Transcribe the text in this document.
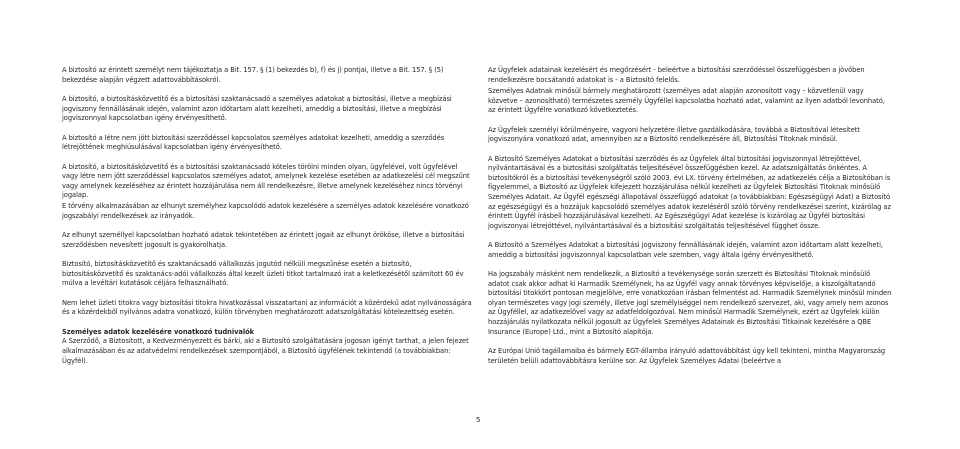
A biztosító az érintett személyt nem tájékoztatja a Bit. 157. § (1) bekezdés b), f) és j) pontjai, illetve a Bit. 157. § (5) bekezdése alapján végzett adattovábbításokról.

A biztosító, a biztosításközvetítő és a biztosítási szaktanácsadó a személyes adatokat a biztosítási, illetve a megbízási jogviszony fennállásának idején, valamint azon időtartam alatt kezelheti, ameddig a biztosítási, illetve a megbízási jogviszonnyal kapcsolatban igény érvényesíthető.

A biztosító a létre nem jött biztosítási szerződéssel kapcsolatos személyes adatokat kezelheti, ameddig a szerződés létrejöttének meghiúsulásával kapcsolatban igény érvényesíthető.

A biztosító, a biztosításközvetítő és a biztosítási szaktanácsadó köteles törölni minden olyan, ügyfelével, volt ügyfelével vagy létre nem jött szerződéssel kapcsolatos személyes adatot, amelynek kezelése esetében az adatkezelési cél megszűnt vagy amelynek kezeléséhez az érintett hozzájárulása nem áll rendelkezésre, illetve amelynek kezeléséhez nincs törvényi jogalap.

E törvény alkalmazásában az elhunyt személyhez kapcsolódó adatok kezelésére a személyes adatok kezelésére vonatkozó jogszabályi rendelkezések az irányadók.

Az elhunyt személlyel kapcsolatban hozható adatok tekintetében az érintett jogait az elhunyt örököse, illetve a biztosítási szerződésben nevesített jogosult is gyakorolhatja.

Biztosító, biztosításközvetítő és szaktanácsadó vállalkozás jogutód nélküli megszűnése esetén a biztosító, biztosításközvetítő és szaktanács-adói vállalkozás által kezelt üzleti titkot tartalmazó irat a keletkezésétől számított 60 év múlva a levéltári kutatások céljára felhasználható.

Nem lehet üzleti titokra vagy biztosítási titokra hivatkozással visszatartani az információt a közérdekű adat nyilvánosságára és a közérdekből nyilvános adatra vonatkozó, külön törvényben meghatározott adatszolgáltatási kötelezettség esetén.

Személyes adatok kezelésére vonatkozó tudnivalók

A Szerződő, a Biztosított, a Kedvezményezett és bárki, aki a Biztosító szolgáltatására jogosan igényt tarthat, a jelen fejezet alkalmazásában és az adatvédelmi rendelkezések szempontjából, a Biztosító ügyfélének tekintendő (a továbbiakban: Ügyfél).

Az Ügyfelek adatainak kezelésért és megőrzésért - beleértve a biztosítási szerződéssel összefüggésben a jövőben rendelkezésre bocsátandó adatokat is - a Biztosító felelős.

Személyes Adatnak minősül bármely meghatározott (személyes adat alapján azonosított vagy – közvetlenül vagy közvetve – azonosítható) természetes személy Ügyféllel kapcsolatba hozható adat, valamint az ilyen adatból levonható, az érintett Ügyfélre vonatkozó következtetés.

Az Ügyfelek személyi körülményeire, vagyoni helyzetére illetve gazdálkodására, továbbá a Biztosítóval létesített jogviszonyára vonatkozó adat, amennyiben az a Biztosító rendelkezésére áll, Biztosítási Titoknak minősül.

A Biztosító Személyes Adatokat a biztosítási szerződés és az Ügyfelek által biztosítási jogviszonnyal létrejöttével, nyilvántartásával és a biztosítási szolgáltatás teljesítésével összefüggésben kezel. Az adatszolgáltatás önkéntes. A biztosítókról és a biztosítási tevékenységről szóló 2003. évi LX. törvény értelmében, az adatkezelés célja a Biztosítóban is figyelemmel, a Biztosító az Ügyfelek kifejezett hozzájárulása nélkül kezelheti az Ügyfelek Biztosítási Titoknak minősülő Személyes Adatait. Az Ügyfél egészségi állapotával összefüggő adatokat (a továbbiakban: Egészségügyi Adat) a Biztosító az egészségügyi és a hozzájuk kapcsolódó személyes adatok kezeléséről szóló törvény rendelkezései szerint, kizárólag az érintett Ügyfél írásbeli hozzájárulásával kezelheti. Az Egészségügyi Adat kezelése is kizárólag az Ügyfél biztosítási jogviszonyai létrejöttével, nyilvántartásával és a biztosítási szolgáltatás teljesítésével függhet össze.

A Biztosító a Személyes Adatokat a biztosítási jogviszony fennállásának idején, valamint azon időtartam alatt kezelheti, ameddig a biztosítási jogviszonnyal kapcsolatban vele szemben, vagy általa igény érvényesíthető.

Ha jogszabály másként nem rendelkezik, a Biztosító a tevékenysége során szerzett és Biztosítási Titoknak minősülő adatot csak akkor adhat ki Harmadik Személynek, ha az Ügyfél vagy annak törvényes képviselője, a kiszolgáltatandó biztosítási titokkört pontosan megjelölve, erre vonatkozóan írásban felmentést ad. Harmadik Személynek minősül minden olyan természetes vagy jogi személy, illetve jogi személyiséggel nem rendelkező szervezet, aki, vagy amely nem azonos az Ügyféllel, az adatkezelővel vagy az adatfeldolgozóval. Nem minősül Harmadik Személynek, ezért az Ügyfelek külön hozzájárulás nyilatkozata nélkül jogosult az Ügyfelek Személyes Adatainak és Biztosítási Titkainak kezelésére a QBE Insurance (Europe) Ltd., mint a Biztosító alapítója.

Az Európai Unió tagállamaiba és bármely EGT-államba irányuló adattovábbítást úgy kell tekinteni, mintha Magyarország területén belüli adattovábbításra kerülne sor. Az Ügyfelek Személyes Adatai (beleértve a

5
